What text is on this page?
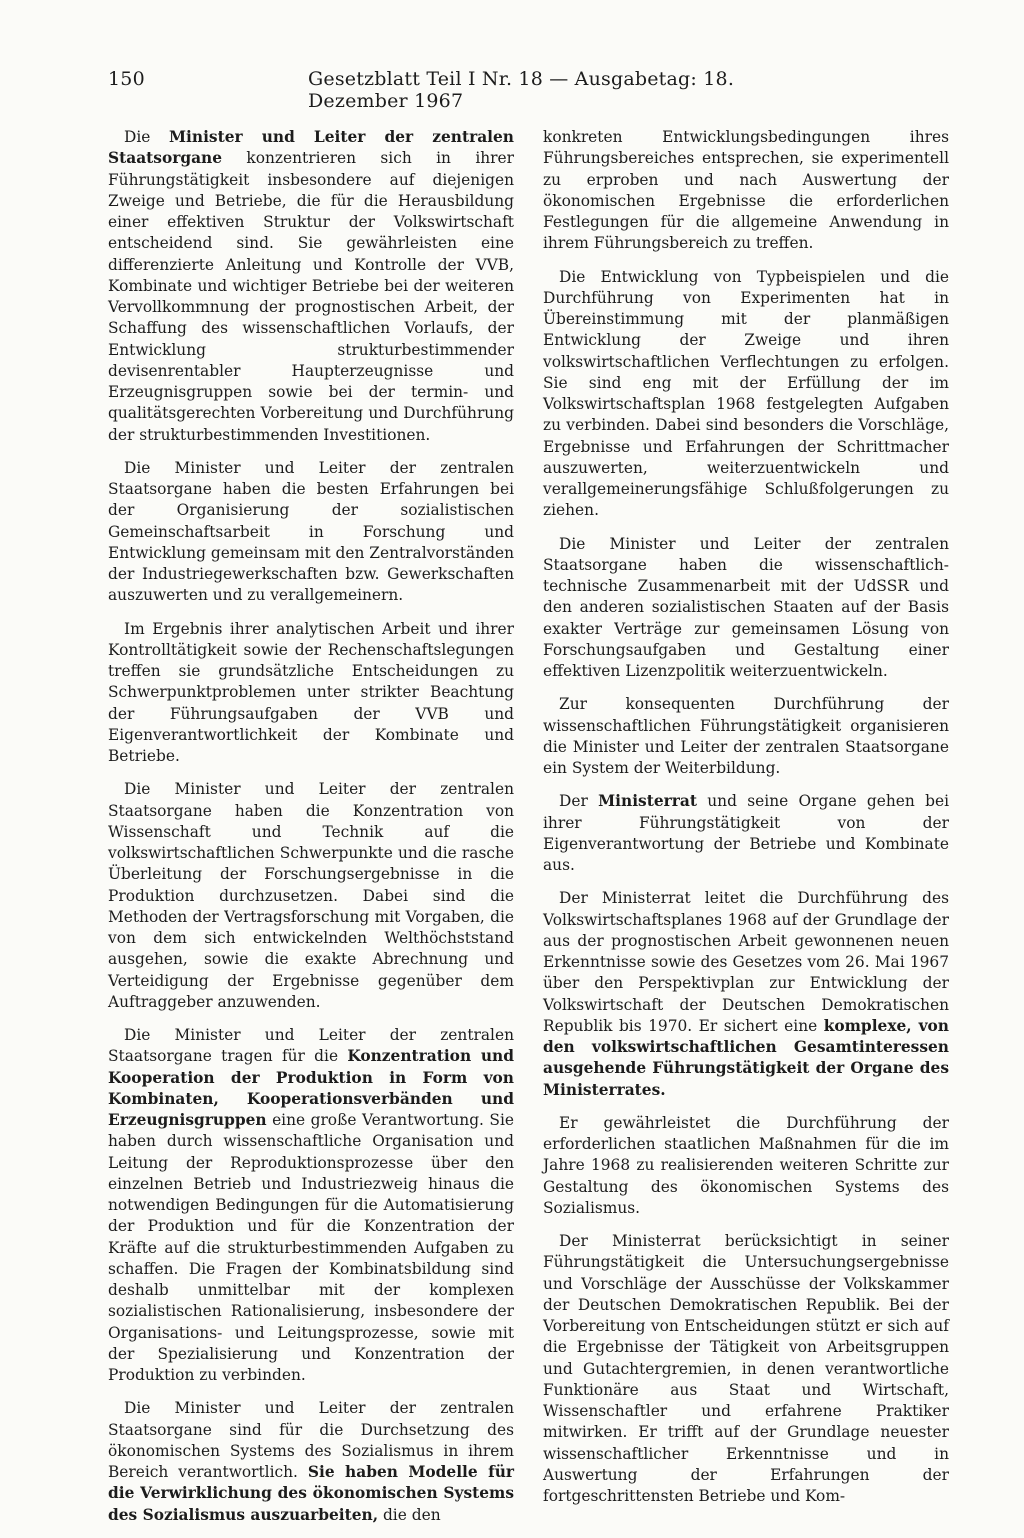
150	Gesetzblatt Teil I Nr. 18 — Ausgabetag: 18. Dezember 1967

Die Minister und Leiter der zentralen Staatsorgane konzentrieren sich in ihrer Führungstätigkeit insbesondere auf diejenigen Zweige und Betriebe, die für die Herausbildung einer effektiven Struktur der Volkswirtschaft entscheidend sind. Sie gewährleisten eine differenzierte Anleitung und Kontrolle der VVB, Kombinate und wichtiger Betriebe bei der weiteren Vervollkommnung der prognostischen Arbeit, der Schaffung des wissenschaftlichen Vorlaufs, der Entwicklung strukturbestimmender devisenrentabler Haupterzeugnisse und Erzeugnisgruppen sowie bei der termin- und qualitätsgerechten Vorbereitung und Durchführung der strukturbestimmenden Investitionen.

Die Minister und Leiter der zentralen Staatsorgane haben die besten Erfahrungen bei der Organisierung der sozialistischen Gemeinschaftsarbeit in Forschung und Entwicklung gemeinsam mit den Zentralvorständen der Industriegewerkschaften bzw. Gewerkschaften auszuwerten und zu verallgemeinern.

Im Ergebnis ihrer analytischen Arbeit und ihrer Kontrolltätigkeit sowie der Rechenschaftslegungen treffen sie grundsätzliche Entscheidungen zu Schwerpunktproblemen unter strikter Beachtung der Führungsaufgaben der VVB und Eigenverantwortlichkeit der Kombinate und Betriebe.

Die Minister und Leiter der zentralen Staatsorgane haben die Konzentration von Wissenschaft und Technik auf die volkswirtschaftlichen Schwerpunkte und die rasche Überleitung der Forschungsergebnisse in die Produktion durchzusetzen. Dabei sind die Methoden der Vertragsforschung mit Vorgaben, die von dem sich entwickelnden Welthöchststand ausgehen, sowie die exakte Abrechnung und Verteidigung der Ergebnisse gegenüber dem Auftraggeber anzuwenden.

Die Minister und Leiter der zentralen Staatsorgane tragen für die Konzentration und Kooperation der Produktion in Form von Kombinaten, Kooperationsverbänden und Erzeugnisgruppen eine große Verantwortung. Sie haben durch wissenschaftliche Organisation und Leitung der Reproduktionsprozesse über den einzelnen Betrieb und Industriezweig hinaus die notwendigen Bedingungen für die Automatisierung der Produktion und für die Konzentration der Kräfte auf die strukturbestimmenden Aufgaben zu schaffen. Die Fragen der Kombinatsbildung sind deshalb unmittelbar mit der komplexen sozialistischen Rationalisierung, insbesondere der Organisations- und Leitungsprozesse, sowie mit der Spezialisierung und Konzentration der Produktion zu verbinden.

Die Minister und Leiter der zentralen Staatsorgane sind für die Durchsetzung des ökonomischen Systems des Sozialismus in ihrem Bereich verantwortlich. Sie haben Modelle für die Verwirklichung des ökonomischen Systems des Sozialismus auszuarbeiten, die den

konkreten Entwicklungsbedingungen ihres Führungsbereiches entsprechen, sie experimentell zu erproben und nach Auswertung der ökonomischen Ergebnisse die erforderlichen Festlegungen für die allgemeine Anwendung in ihrem Führungsbereich zu treffen.

Die Entwicklung von Typbeispielen und die Durchführung von Experimenten hat in Übereinstimmung mit der planmäßigen Entwicklung der Zweige und ihren volkswirtschaftlichen Verflechtungen zu erfolgen. Sie sind eng mit der Erfüllung der im Volkswirtschaftsplan 1968 festgelegten Aufgaben zu verbinden. Dabei sind besonders die Vorschläge, Ergebnisse und Erfahrungen der Schrittmacher auszuwerten, weiterzuentwickeln und verallgemeinerungsfähige Schlußfolgerungen zu ziehen.

Die Minister und Leiter der zentralen Staatsorgane haben die wissenschaftlich-technische Zusammenarbeit mit der UdSSR und den anderen sozialistischen Staaten auf der Basis exakter Verträge zur gemeinsamen Lösung von Forschungsaufgaben und Gestaltung einer effektiven Lizenzpolitik weiterzuentwickeln.

Zur konsequenten Durchführung der wissenschaftlichen Führungstätigkeit organisieren die Minister und Leiter der zentralen Staatsorgane ein System der Weiterbildung.

Der Ministerrat und seine Organe gehen bei ihrer Führungstätigkeit von der Eigenverantwortung der Betriebe und Kombinate aus.

Der Ministerrat leitet die Durchführung des Volkswirtschaftsplanes 1968 auf der Grundlage der aus der prognostischen Arbeit gewonnenen neuen Erkenntnisse sowie des Gesetzes vom 26. Mai 1967 über den Perspektivplan zur Entwicklung der Volkswirtschaft der Deutschen Demokratischen Republik bis 1970. Er sichert eine komplexe, von den volkswirtschaftlichen Gesamtinteressen ausgehende Führungstätigkeit der Organe des Ministerrates.

Er gewährleistet die Durchführung der erforderlichen staatlichen Maßnahmen für die im Jahre 1968 zu realisierenden weiteren Schritte zur Gestaltung des ökonomischen Systems des Sozialismus.

Der Ministerrat berücksichtigt in seiner Führungstätigkeit die Untersuchungsergebnisse und Vorschläge der Ausschüsse der Volkskammer der Deutschen Demokratischen Republik. Bei der Vorbereitung von Entscheidungen stützt er sich auf die Ergebnisse der Tätigkeit von Arbeitsgruppen und Gutachtergremien, in denen verantwortliche Funktionäre aus Staat und Wirtschaft, Wissenschaftler und erfahrene Praktiker mitwirken. Er trifft auf der Grundlage neuester wissenschaftlicher Erkenntnisse und in Auswertung der Erfahrungen der fortgeschrittensten Betriebe und Kom-
